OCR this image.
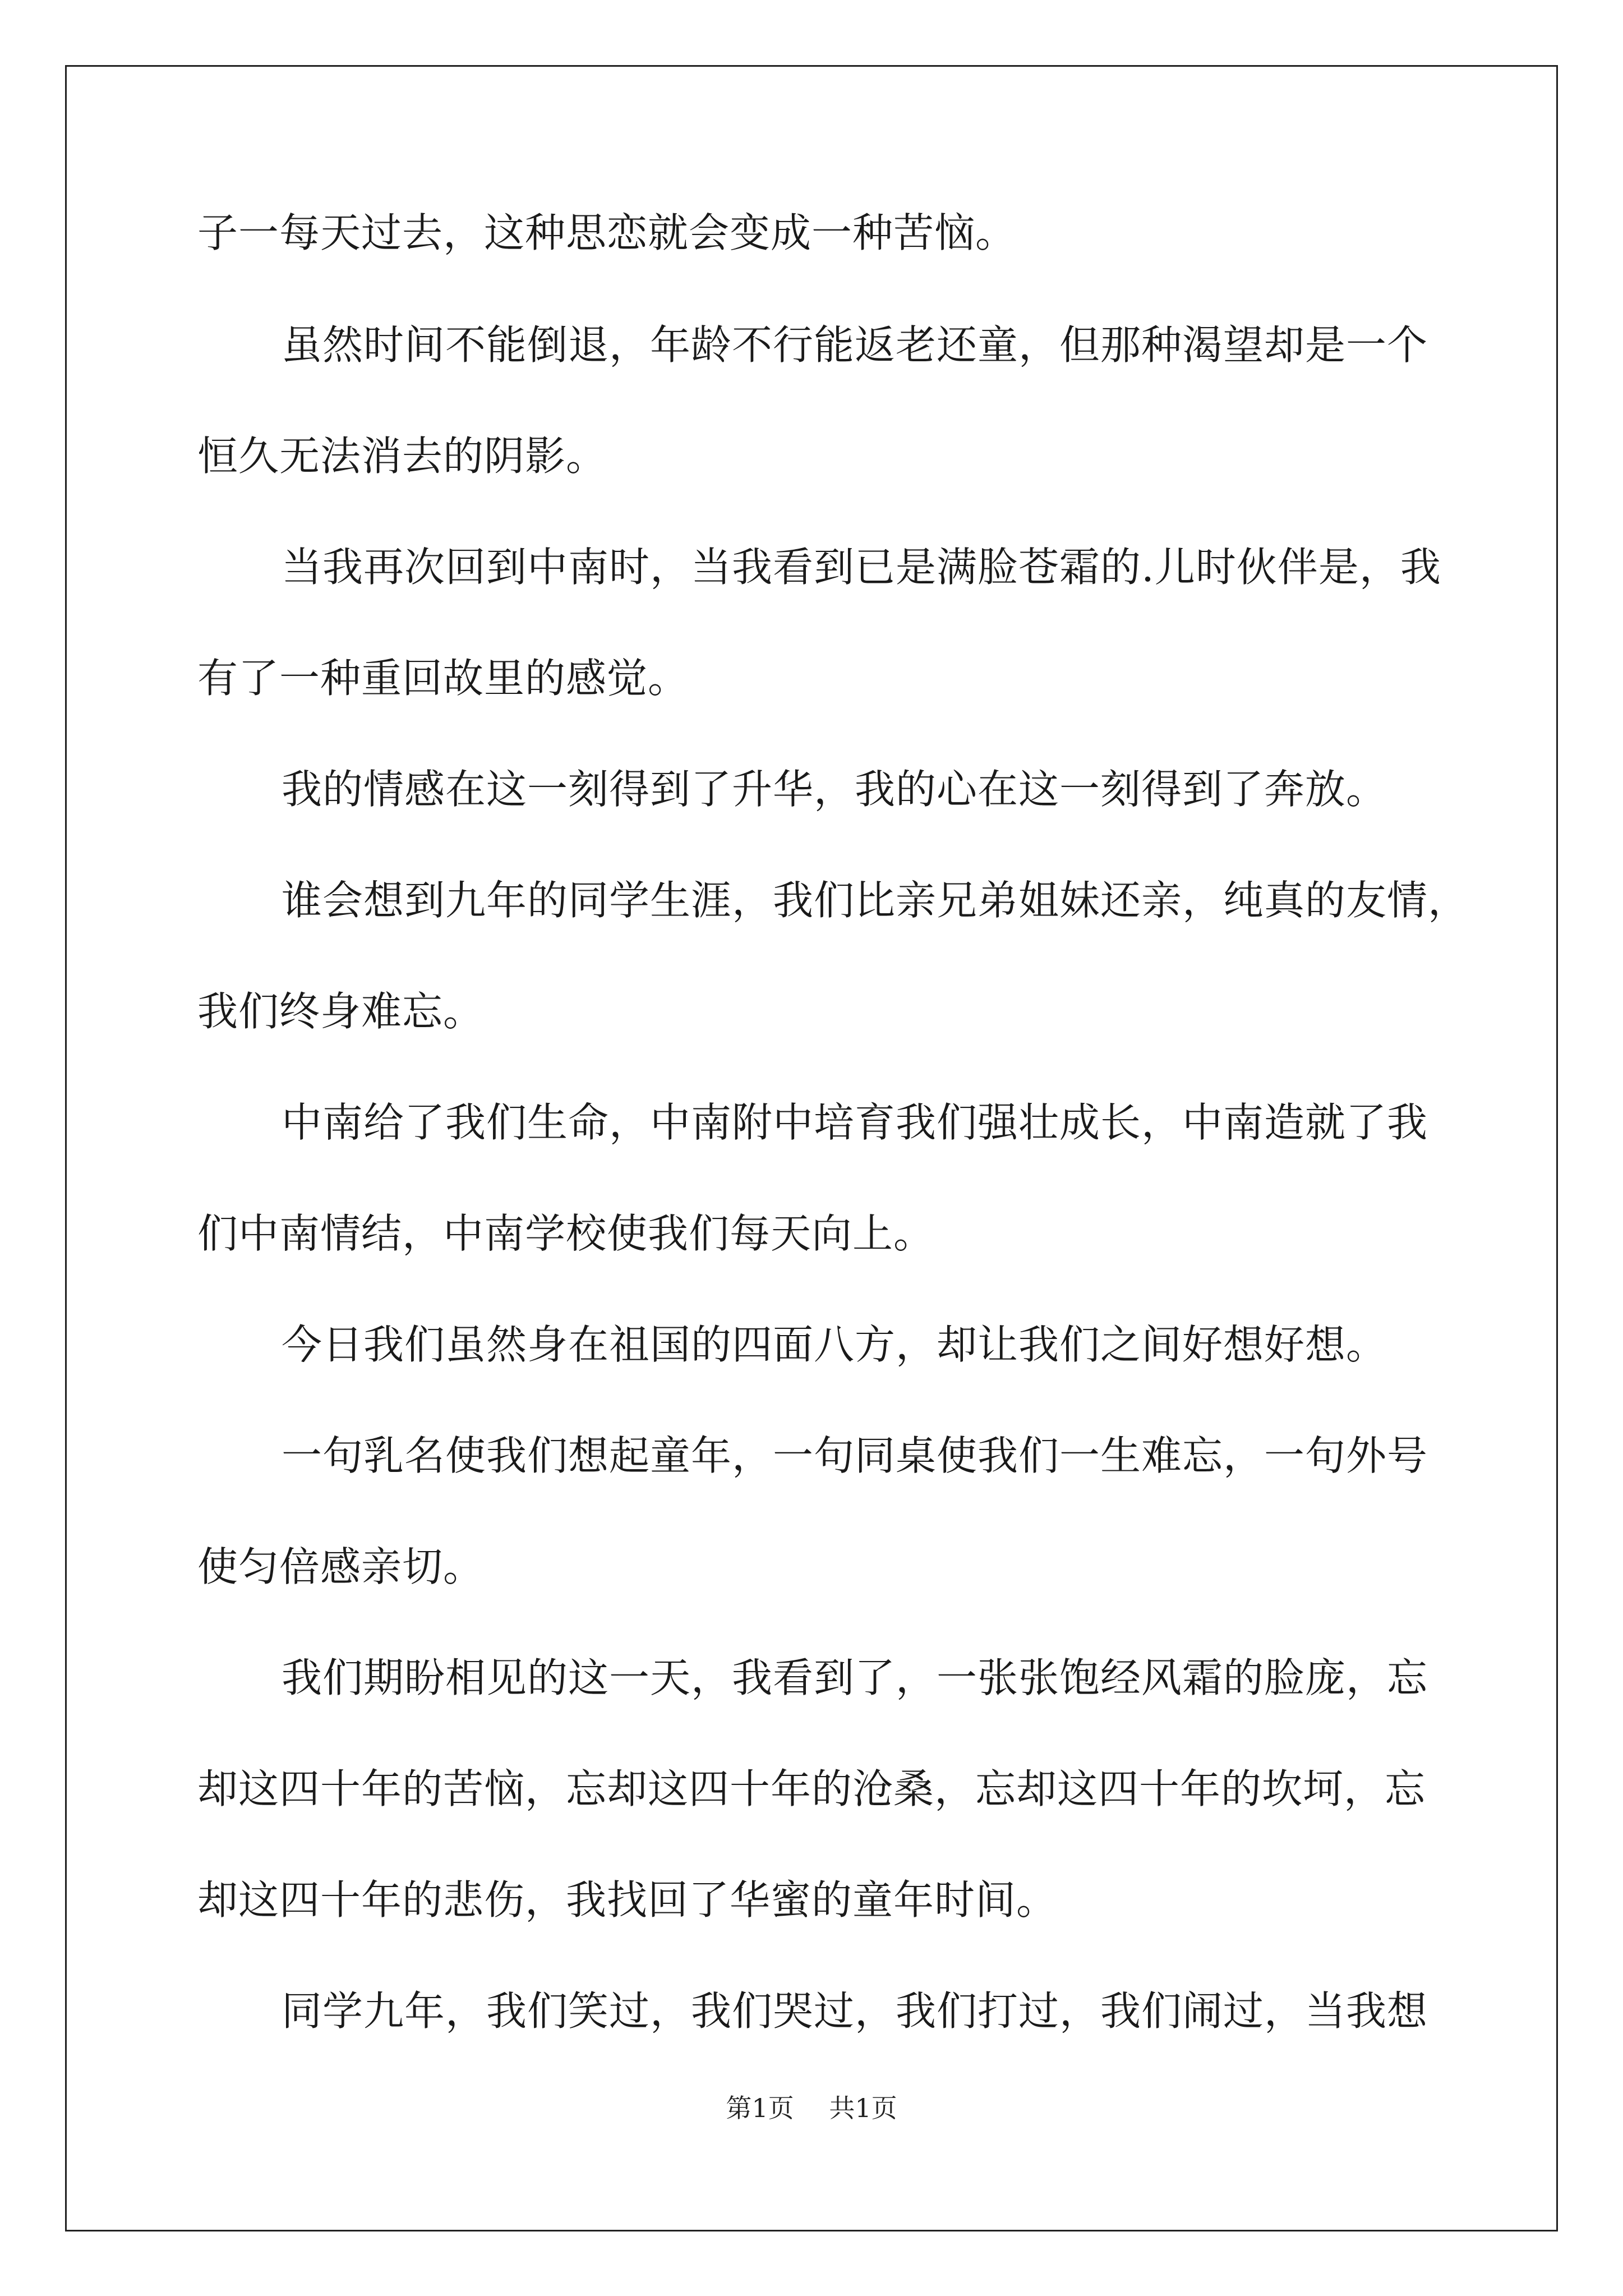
子一每天过去，这种思恋就会变成一种苦恼。
虽然时间不能倒退，年龄不行能返老还童，但那种渴望却是一个
恒久无法消去的阴影。
当我再次回到中南时，当我看到已是满脸苍霜的.儿时伙伴是，我
有了一种重回故里的感觉。
我的情感在这一刻得到了升华，我的心在这一刻得到了奔放。
谁会想到九年的同学生涯，我们比亲兄弟姐妹还亲，纯真的友情，
我们终身难忘。
中南给了我们生命，中南附中培育我们强壮成长，中南造就了我
们中南情结，中南学校使我们每天向上。
今日我们虽然身在祖国的四面八方，却让我们之间好想好想。
一句乳名使我们想起童年，一句同桌使我们一生难忘，一句外号
使匀倍感亲切。
我们期盼相见的这一天，我看到了，一张张饱经风霜的脸庞，忘
却这四十年的苦恼，忘却这四十年的沧桑，忘却这四十年的坎坷，忘
却这四十年的悲伤，我找回了华蜜的童年时间。
同学九年，我们笑过，我们哭过，我们打过，我们闹过，当我想
第1页 共1页
